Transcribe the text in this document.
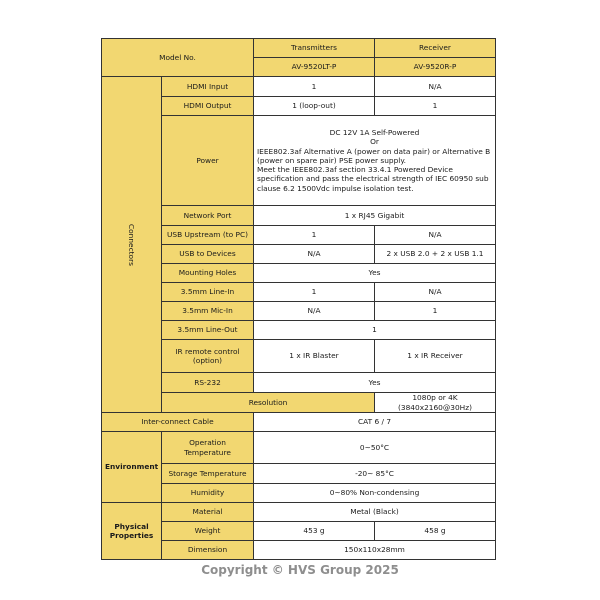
Model No.		Transmitters	Receiver
		AV-9520LT-P	AV-9520R-P
Connectors	HDMI Input	1	N/A
	HDMI Output	1 (loop-out)	1
	Power	DC 12V 1A Self-Powered
Or
IEEE802.3af Alternative A (power on data pair) or Alternative B (power on spare pair) PSE power supply.
Meet the IEEE802.3af section 33.4.1 Powered Device specification and pass the electrical strength of IEC 60950 sub clause 6.2 1500Vdc impulse isolation test.	

	Network Port	1 x RJ45 Gigabit	
	USB Upstream (to PC)	1	N/A
	USB to Devices	N/A	2 x USB 2.0 + 2 x USB 1.1
	Mounting Holes	Yes	
	3.5mm Line-In	1	N/A
	3.5mm Mic-In	N/A	1
	3.5mm Line-Out	1	
	IR remote control (option)	1 x IR Blaster	1 x IR Receiver
	RS-232	Yes	
	Resolution		1080p or 4K (3840x2160@30Hz)
Inter-connect Cable		CAT 6 / 7	
Environment	Operation Temperature	0~50°C	
	Storage Temperature	-20~ 85°C	
	Humidity	0~80% Non-condensing	
Physical Properties	Material	Metal (Black)	
	Weight	453 g	458 g
	Dimension	150x110x28mm	
Copyright © HVS Group 2025
